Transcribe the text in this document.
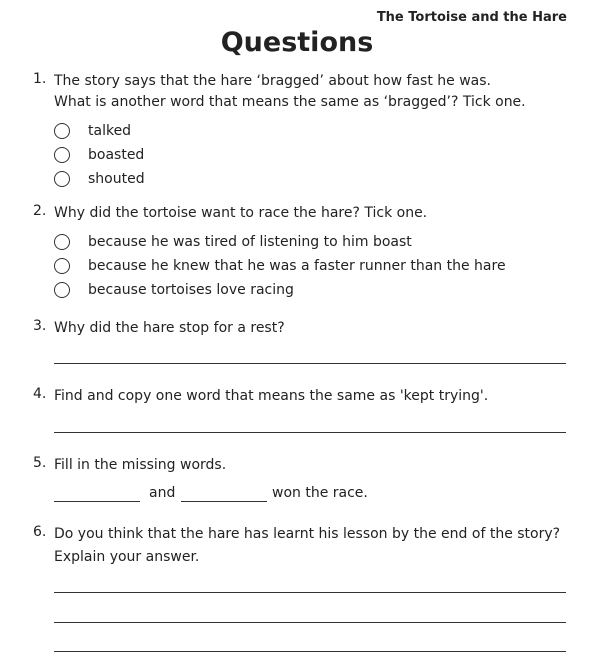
The Tortoise and the Hare
Questions
1. The story says that the hare ‘bragged’ about how fast he was.
What is another word that means the same as ‘bragged’? Tick one.
talked
boasted
shouted
2. Why did the tortoise want to race the hare? Tick one.
because he was tired of listening to him boast
because he knew that he was a faster runner than the hare
because tortoises love racing
3. Why did the hare stop for a rest?
4. Find and copy one word that means the same as 'kept trying'.
5. Fill in the missing words.
and	won the race.
6. Do you think that the hare has learnt his lesson by the end of the story?
Explain your answer.
